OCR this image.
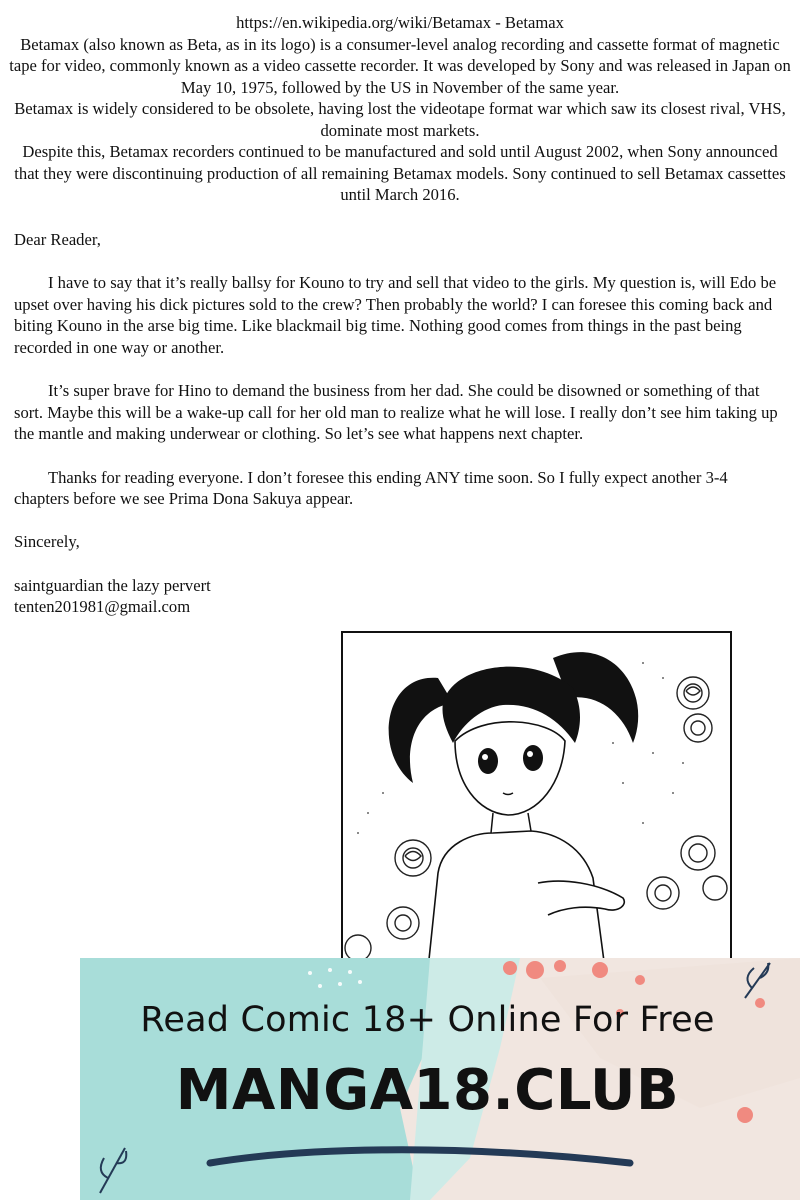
https://en.wikipedia.org/wiki/Betamax - Betamax

Betamax (also known as Beta, as in its logo) is a consumer-level analog recording and cassette format of magnetic tape for video, commonly known as a video cassette recorder. It was developed by Sony and was released in Japan on May 10, 1975, followed by the US in November of the same year.

Betamax is widely considered to be obsolete, having lost the videotape format war which saw its closest rival, VHS, dominate most markets.

Despite this, Betamax recorders continued to be manufactured and sold until August 2002, when Sony announced that they were discontinuing production of all remaining Betamax models. Sony continued to sell Betamax cassettes until March 2016.

Dear Reader,

I have to say that it’s really ballsy for Kouno to try and sell that video to the girls. My question is, will Edo be upset over having his dick pictures sold to the crew? Then probably the world? I can foresee this coming back and biting Kouno in the arse big time. Like blackmail big time. Nothing good comes from things in the past being recorded in one way or another.

It’s super brave for Hino to demand the business from her dad. She could be disowned or something of that sort. Maybe this will be a wake-up call for her old man to realize what he will lose. I really don’t see him taking up the mantle and making underwear or clothing. So let’s see what happens next chapter.

Thanks for reading everyone. I don’t foresee this ending ANY time soon. So I fully expect another 3-4 chapters before we see Prima Dona Sakuya appear.

Sincerely,

saintguardian the lazy pervert

tenten201981@gmail.com

Read Comic 18+ Online For Free
MANGA18.CLUB
